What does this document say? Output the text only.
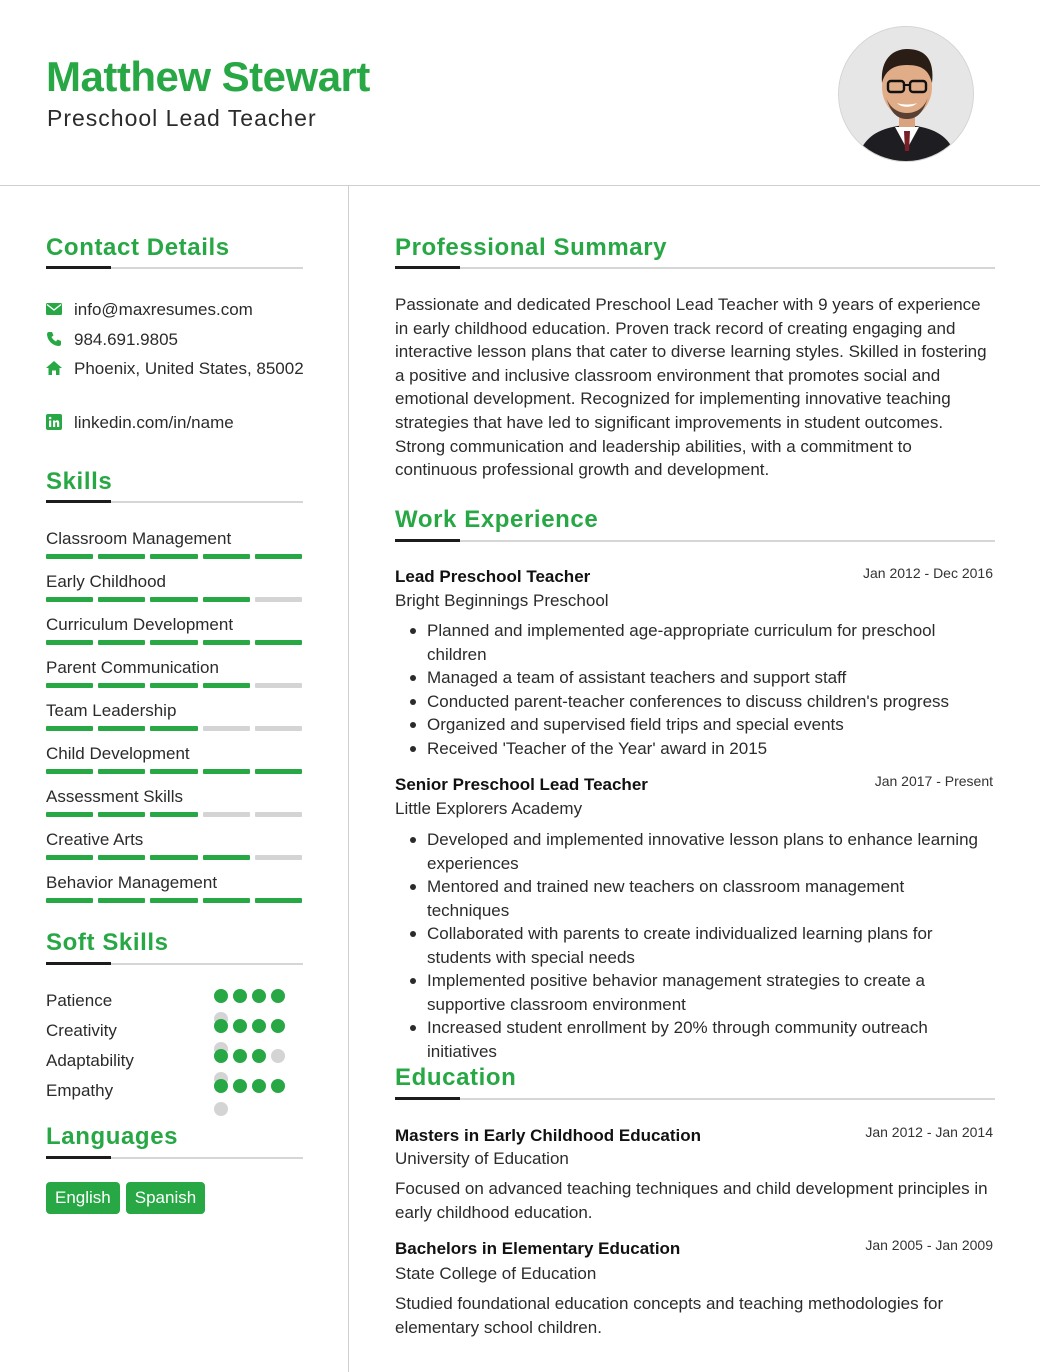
Matthew Stewart
Preschool Lead Teacher
Contact Details
info@maxresumes.com
984.691.9805
Phoenix, United States, 85002
linkedin.com/in/name
Skills
Classroom Management
Early Childhood
Curriculum Development
Parent Communication
Team Leadership
Child Development
Assessment Skills
Creative Arts
Behavior Management
Soft Skills
Patience
Creativity
Adaptability
Empathy
Languages
English	Spanish
Professional Summary
Passionate and dedicated Preschool Lead Teacher with 9 years of experience in early childhood education. Proven track record of creating engaging and interactive lesson plans that cater to diverse learning styles. Skilled in fostering a positive and inclusive classroom environment that promotes social and emotional development. Recognized for implementing innovative teaching strategies that have led to significant improvements in student outcomes. Strong communication and leadership abilities, with a commitment to continuous professional growth and development.
Work Experience
Lead Preschool Teacher	Jan 2012 - Dec 2016
Bright Beginnings Preschool
Planned and implemented age-appropriate curriculum for preschool children
Managed a team of assistant teachers and support staff
Conducted parent-teacher conferences to discuss children's progress
Organized and supervised field trips and special events
Received 'Teacher of the Year' award in 2015
Senior Preschool Lead Teacher	Jan 2017 - Present
Little Explorers Academy
Developed and implemented innovative lesson plans to enhance learning experiences
Mentored and trained new teachers on classroom management techniques
Collaborated with parents to create individualized learning plans for students with special needs
Implemented positive behavior management strategies to create a supportive classroom environment
Increased student enrollment by 20% through community outreach initiatives
Education
Masters in Early Childhood Education	Jan 2012 - Jan 2014
University of Education
Focused on advanced teaching techniques and child development principles in early childhood education.
Bachelors in Elementary Education	Jan 2005 - Jan 2009
State College of Education
Studied foundational education concepts and teaching methodologies for elementary school children.
